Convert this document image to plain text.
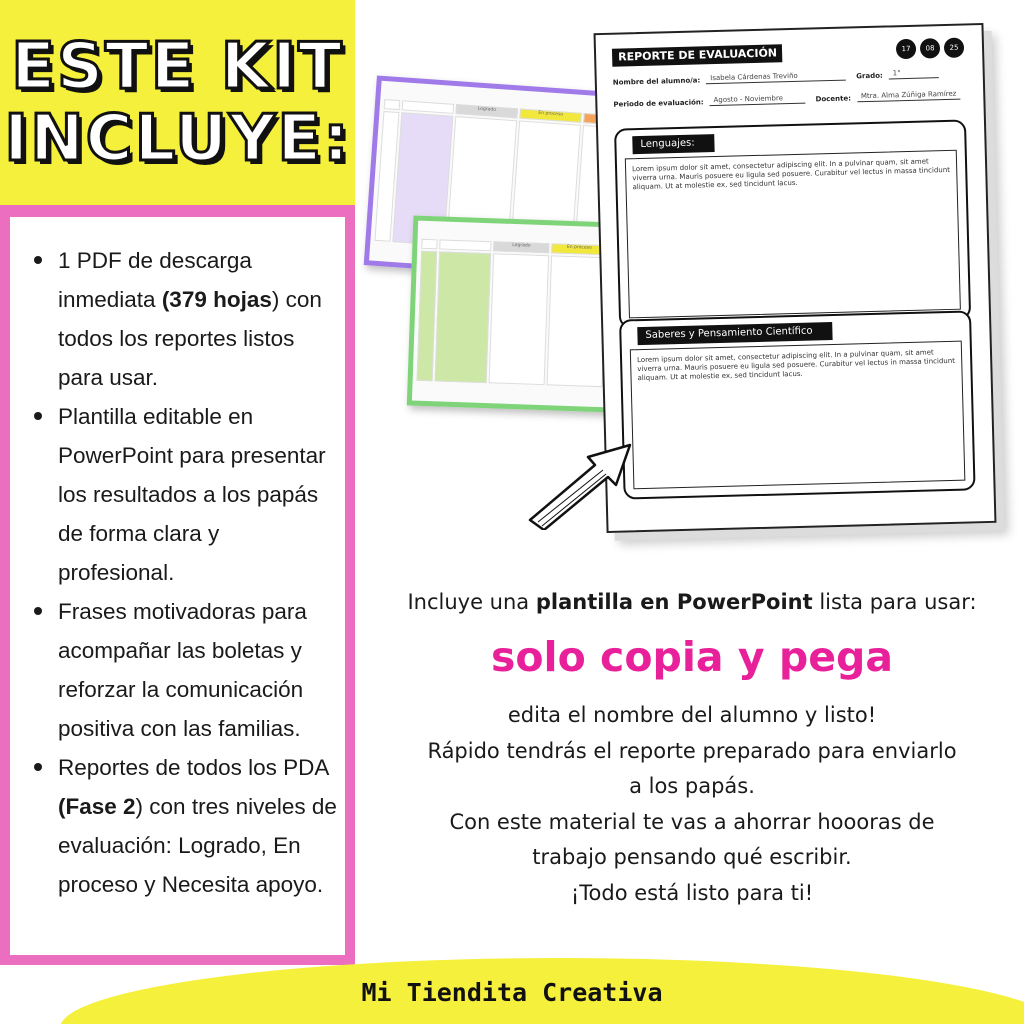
ESTE KIT
INCLUYE:
1 PDF de descarga inmediata (379 hojas) con todos los reportes listos para usar.
Plantilla editable en PowerPoint para presentar los resultados a los papás de forma clara y profesional.
Frases motivadoras para acompañar las boletas y reforzar la comunicación positiva con las familias.
Reportes de todos los PDA (Fase 2) con tres niveles de evaluación: Logrado, En proceso y Necesita apoyo.
Logrado
En proceso
Logrado	En proceso
REPORTE DE EVALUACIÓN	17	08	25
Nombre del alumno/a:	Isabela Cárdenas Treviño	Grado:	1°
Periodo de evaluación:	Agosto - Noviembre	Docente:	Mtra. Alma Zúñiga Ramírez
Lenguajes:

Lorem ipsum dolor sit amet, consectetur adipiscing elit. In a pulvinar quam, sit amet viverra urna. Mauris posuere eu ligula sed posuere. Curabitur vel lectus in massa tincidunt aliquam. Ut at molestie ex, sed tincidunt lacus.

Saberes y Pensamiento Científico

Lorem ipsum dolor sit amet, consectetur adipiscing elit. In a pulvinar quam, sit amet viverra urna. Mauris posuere eu ligula sed posuere. Curabitur vel lectus in massa tincidunt aliquam. Ut at molestie ex, sed tincidunt lacus.

Incluye una plantilla en PowerPoint lista para usar:
solo copia y pega
edita el nombre del alumno y listo!
Rápido tendrás el reporte preparado para enviarlo
a los papás.
Con este material te vas a ahorrar hoooras de
trabajo pensando qué escribir.
¡Todo está listo para ti!
Mi Tiendita Creativa
